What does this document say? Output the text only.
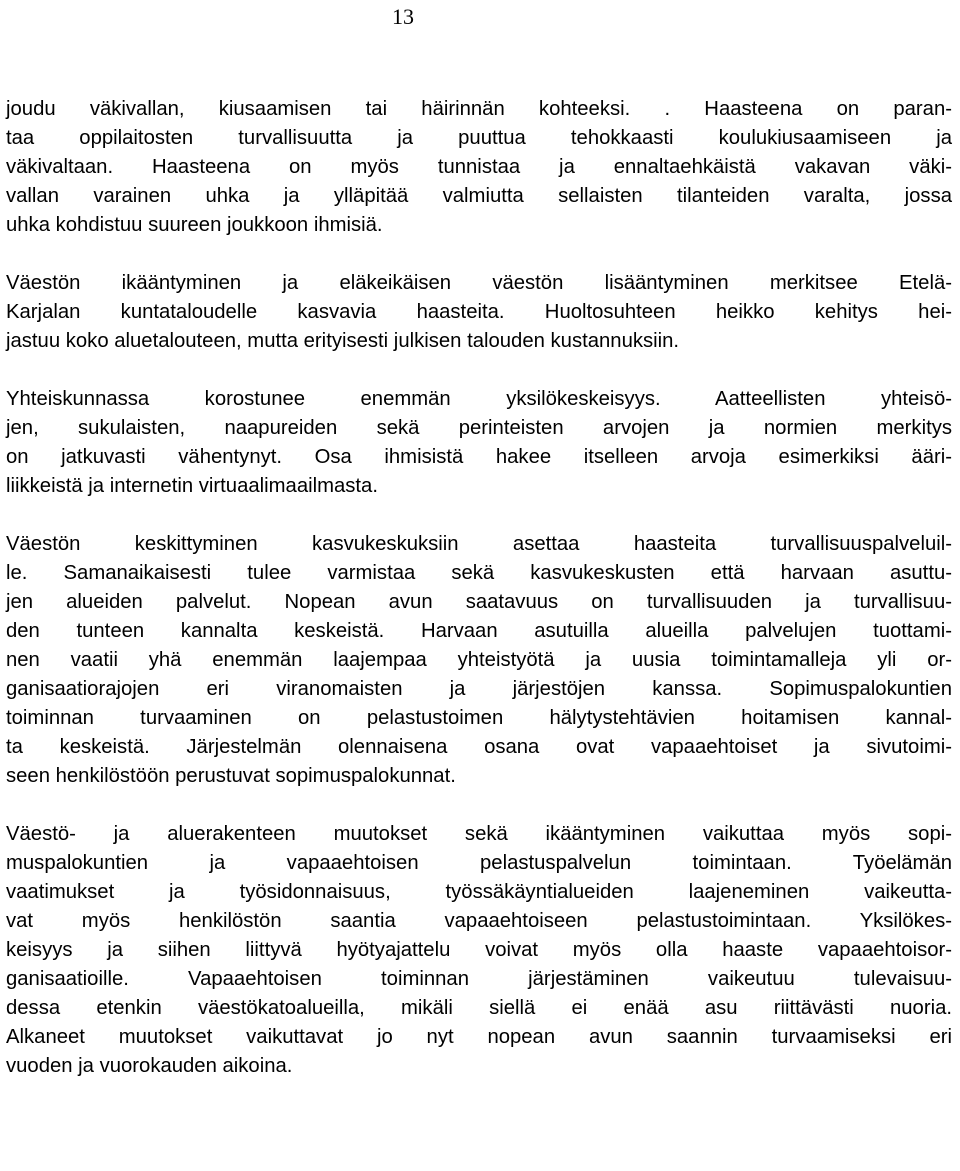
13
joudu väkivallan, kiusaamisen tai häirinnän kohteeksi. . Haasteena on paran-
taa oppilaitosten turvallisuutta ja puuttua tehokkaasti koulukiusaamiseen ja
väkivaltaan. Haasteena on myös tunnistaa ja ennaltaehkäistä vakavan väki-
vallan varainen uhka ja ylläpitää valmiutta sellaisten tilanteiden varalta, jossa
uhka kohdistuu suureen joukkoon ihmisiä.
Väestön ikääntyminen ja eläkeikäisen väestön lisääntyminen merkitsee Etelä-
Karjalan kuntataloudelle kasvavia haasteita. Huoltosuhteen heikko kehitys hei-
jastuu koko aluetalouteen, mutta erityisesti julkisen talouden kustannuksiin.
Yhteiskunnassa korostunee enemmän yksilökeskeisyys. Aatteellisten yhteisö-
jen, sukulaisten, naapureiden sekä perinteisten arvojen ja normien merkitys
on jatkuvasti vähentynyt. Osa ihmisistä hakee itselleen arvoja esimerkiksi ääri-
liikkeistä ja internetin virtuaalimaailmasta.
Väestön keskittyminen kasvukeskuksiin asettaa haasteita turvallisuuspalveluil-
le. Samanaikaisesti tulee varmistaa sekä kasvukeskusten että harvaan asuttu-
jen alueiden palvelut. Nopean avun saatavuus on turvallisuuden ja turvallisuu-
den tunteen kannalta keskeistä. Harvaan asutuilla alueilla palvelujen tuottami-
nen vaatii yhä enemmän laajempaa yhteistyötä ja uusia toimintamalleja yli or-
ganisaatiorajojen eri viranomaisten ja järjestöjen kanssa. Sopimuspalokuntien
toiminnan turvaaminen on pelastustoimen hälytystehtävien hoitamisen kannal-
ta keskeistä. Järjestelmän olennaisena osana ovat vapaaehtoiset ja sivutoimi-
seen henkilöstöön perustuvat sopimuspalokunnat.
Väestö- ja aluerakenteen muutokset sekä ikääntyminen vaikuttaa myös sopi-
muspalokuntien ja vapaaehtoisen pelastuspalvelun toimintaan. Työelämän
vaatimukset ja työsidonnaisuus, työssäkäyntialueiden laajeneminen vaikeutta-
vat myös henkilöstön saantia vapaaehtoiseen pelastustoimintaan. Yksilökes-
keisyys ja siihen liittyvä hyötyajattelu voivat myös olla haaste vapaaehtoisor-
ganisaatioille. Vapaaehtoisen toiminnan järjestäminen vaikeutuu tulevaisuu-
dessa etenkin väestökatoalueilla, mikäli siellä ei enää asu riittävästi nuoria.
Alkaneet muutokset vaikuttavat jo nyt nopean avun saannin turvaamiseksi eri
vuoden ja vuorokauden aikoina.
